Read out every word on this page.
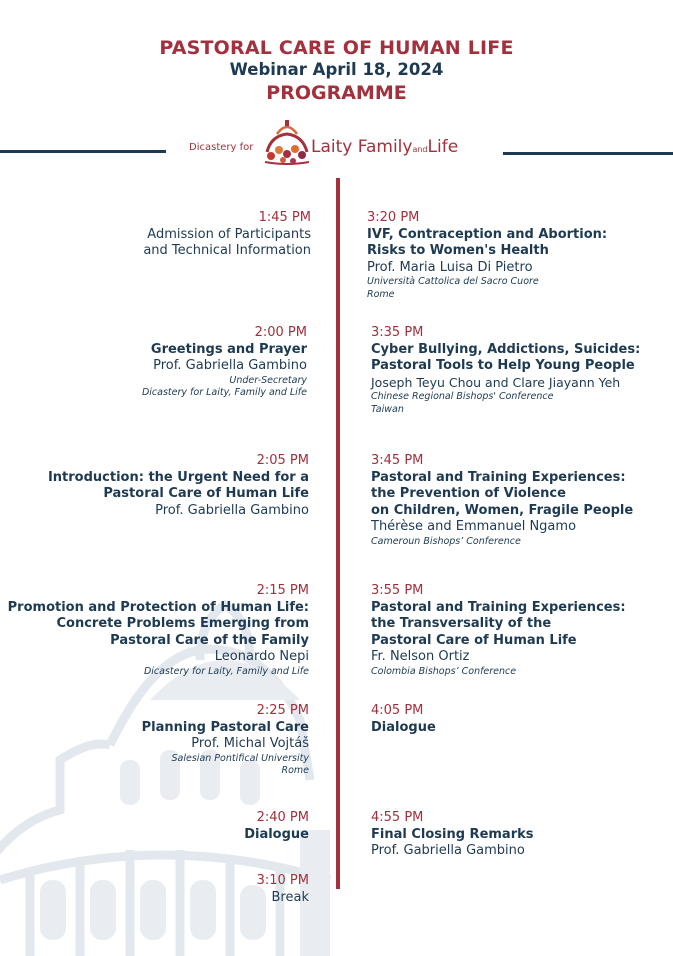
PASTORAL CARE OF HUMAN LIFE
Webinar April 18, 2024
PROGRAMME
Dicastery for	Laity FamilyandLife
1:45 PM
Admission of Participants
and Technical Information
2:00 PM
Greetings and Prayer
Prof. Gabriella Gambino
Under-Secretary
Dicastery for Laity, Family and Life
2:05 PM
Introduction: the Urgent Need for a
Pastoral Care of Human Life
Prof. Gabriella Gambino
2:15 PM
Promotion and Protection of Human Life:
Concrete Problems Emerging from
Pastoral Care of the Family
Leonardo Nepi
Dicastery for Laity, Family and Life
2:25 PM
Planning Pastoral Care
Prof. Michal Vojtáš
Salesian Pontifical University
Rome
2:40 PM
Dialogue
3:10 PM
Break
3:20 PM
IVF, Contraception and Abortion:
Risks to Women's Health
Prof. Maria Luisa Di Pietro
Università Cattolica del Sacro Cuore
Rome
3:35 PM
Cyber Bullying, Addictions, Suicides:
Pastoral Tools to Help Young People
Joseph Teyu Chou and Clare Jiayann Yeh
Chinese Regional Bishops' Conference
Taiwan
3:45 PM
Pastoral and Training Experiences:
the Prevention of Violence
on Children, Women, Fragile People
Thérèse and Emmanuel Ngamo
Cameroun Bishops’ Conference
3:55 PM
Pastoral and Training Experiences:
the Transversality of the
Pastoral Care of Human Life
Fr. Nelson Ortiz
Colombia Bishops’ Conference
4:05 PM
Dialogue
4:55 PM
Final Closing Remarks
Prof. Gabriella Gambino
